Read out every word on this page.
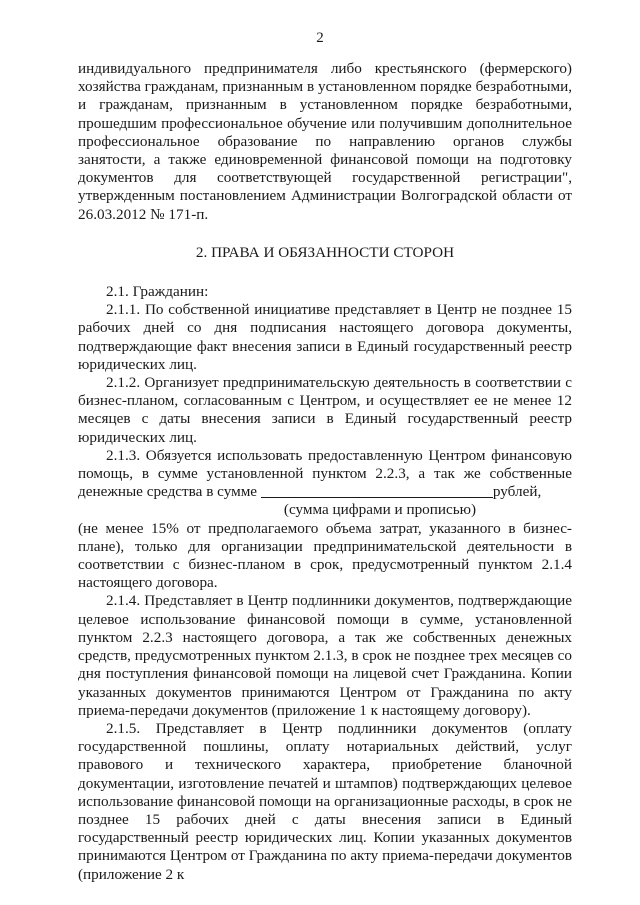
2

индивидуального предпринимателя либо крестьянского (фермерского) хозяйства гражданам, признанным в установленном порядке безработными, и гражданам, признанным в установленном порядке безработными, прошедшим профессиональное обучение или получившим дополнительное профессиональное образование по направлению органов службы занятости, а также единовременной финансовой помощи на подготовку документов для соответствующей государственной регистрации", утвержденным постановлением Администрации Волгоградской области от 26.03.2012 № 171-п.

2. ПРАВА И ОБЯЗАННОСТИ СТОРОН

2.1. Гражданин:

2.1.1. По собственной инициативе представляет в Центр не позднее 15 рабочих дней со дня подписания настоящего договора документы, подтверждающие факт внесения записи в Единый государственный реестр юридических лиц.

2.1.2. Организует предпринимательскую деятельность в соответствии с бизнес-планом, согласованным с Центром, и осуществляет ее не менее 12 месяцев с даты внесения записи в Единый государственный реестр юридических лиц.

2.1.3. Обязуется использовать предоставленную Центром финансовую помощь, в сумме установленной пунктом 2.2.3, а так же собственные денежные средства в сумме	рублей,

(сумма цифрами и прописью)

(не менее 15% от предполагаемого объема затрат, указанного в бизнес-плане), только для организации предпринимательской деятельности в соответствии с бизнес-планом в срок, предусмотренный пунктом 2.1.4 настоящего договора.

2.1.4. Представляет в Центр подлинники документов, подтверждающие целевое использование финансовой помощи в сумме, установленной пунктом 2.2.3 настоящего договора, а так же собственных денежных средств, предусмотренных пунктом 2.1.3, в срок не позднее трех месяцев со дня поступления финансовой помощи на лицевой счет Гражданина. Копии указанных документов принимаются Центром от Гражданина по акту приема-передачи документов (приложение 1 к настоящему договору).

2.1.5. Представляет в Центр подлинники документов (оплату государственной пошлины, оплату нотариальных действий, услуг правового и технического характера, приобретение бланочной документации, изготовление печатей и штампов) подтверждающих целевое использование финансовой помощи на организационные расходы, в срок не позднее 15 рабочих дней с даты внесения записи в Единый государственный реестр юридических лиц. Копии указанных документов принимаются Центром от Гражданина по акту приема-передачи документов (приложение 2 к
